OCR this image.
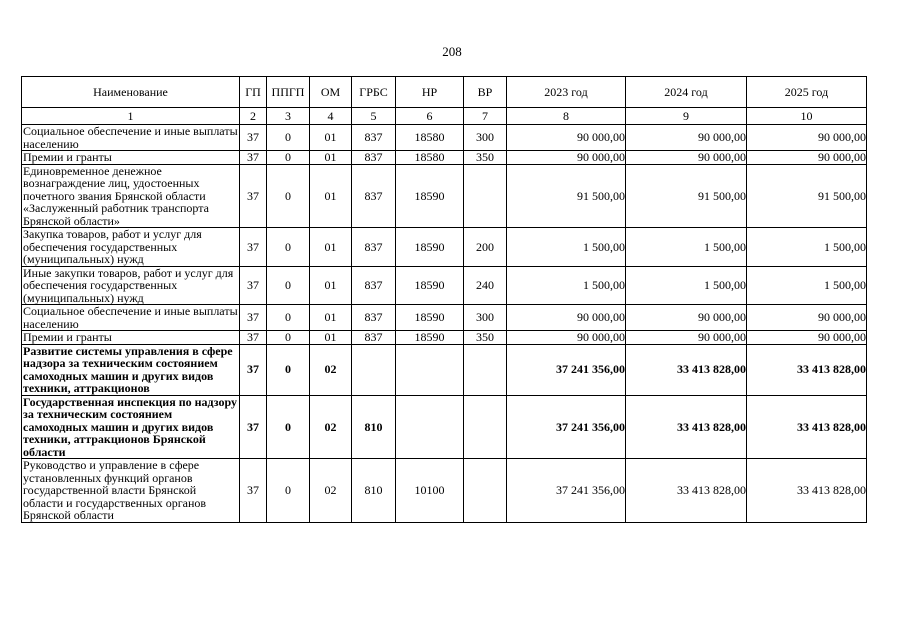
208
Наименование	ГП	ППГП	ОМ	ГРБС	НР	ВР	2023 год	2024 год	2025 год
1	2	3	4	5	6	7	8	9	10
Социальное обеспечение и иные выплаты населению	37	0	01	837	18580	300	90 000,00	90 000,00	90 000,00
Премии и гранты	37	0	01	837	18580	350	90 000,00	90 000,00	90 000,00
Единовременное денежное вознаграждение лиц, удостоенных почетного звания Брянской области «Заслуженный работник транспорта Брянской области»	37	0	01	837	18590		91 500,00	91 500,00	91 500,00
Закупка товаров, работ и услуг для обеспечения государственных (муниципальных) нужд	37	0	01	837	18590	200	1 500,00	1 500,00	1 500,00
Иные закупки товаров, работ и услуг для обеспечения государственных (муниципальных) нужд	37	0	01	837	18590	240	1 500,00	1 500,00	1 500,00
Социальное обеспечение и иные выплаты населению	37	0	01	837	18590	300	90 000,00	90 000,00	90 000,00
Премии и гранты	37	0	01	837	18590	350	90 000,00	90 000,00	90 000,00
Развитие системы управления в сфере надзора за техническим состоянием самоходных машин и других видов техники, аттракционов	37	0	02				37 241 356,00	33 413 828,00	33 413 828,00
Государственная инспекция по надзору за техническим состоянием самоходных машин и других видов техники, аттракционов Брянской области	37	0	02	810			37 241 356,00	33 413 828,00	33 413 828,00
Руководство и управление в сфере установленных функций органов государственной власти Брянской области и государственных органов Брянской области	37	0	02	810	10100		37 241 356,00	33 413 828,00	33 413 828,00
